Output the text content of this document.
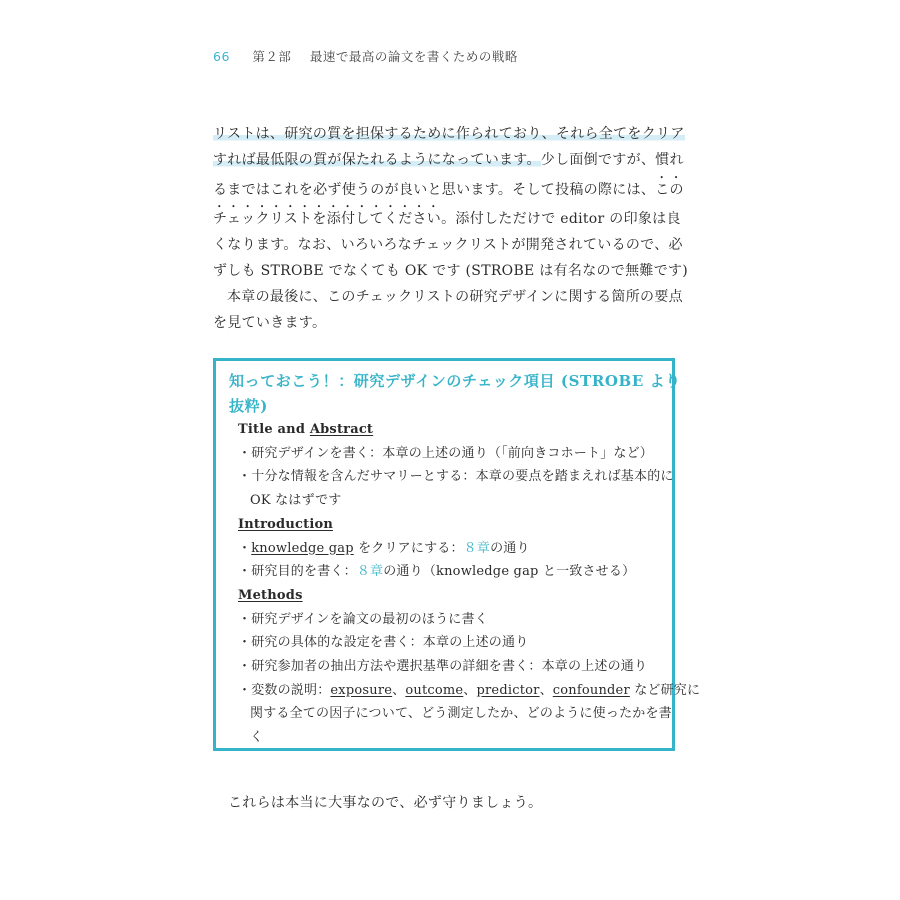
66 第２部 最速で最高の論文を書くための戦略
リストは、研究の質を担保するために作られており、それら全てをクリア
すれば最低限の質が保たれるようになっています。少し面倒ですが、慣れ
るまではこれを必ず使うのが良いと思います。そして投稿の際には、この
チェックリストを添付してください。添付しただけで editor の印象は良
くなります。なお、いろいろなチェックリストが開発されているので、必
ずしも STROBE でなくても OK です (STROBE は有名なので無難です)
本章の最後に、このチェックリストの研究デザインに関する箇所の要点
を見ていきます。
知っておこう！：研究デザインのチェック項目 (STROBE より
抜粋)
Title and Abstract
・研究デザインを書く：本章の上述の通り（「前向きコホート」など）
・十分な情報を含んだサマリーとする：本章の要点を踏まえれば基本的に
OK なはずです
Introduction
・knowledge gap をクリアにする：８章の通り
・研究目的を書く：８章の通り（knowledge gap と一致させる）
Methods
・研究デザインを論文の最初のほうに書く
・研究の具体的な設定を書く：本章の上述の通り
・研究参加者の抽出方法や選択基準の詳細を書く：本章の上述の通り
・変数の説明：exposure、outcome、predictor、confounder など研究に
関する全ての因子について、どう測定したか、どのように使ったかを書
く
これらは本当に大事なので、必ず守りましょう。
